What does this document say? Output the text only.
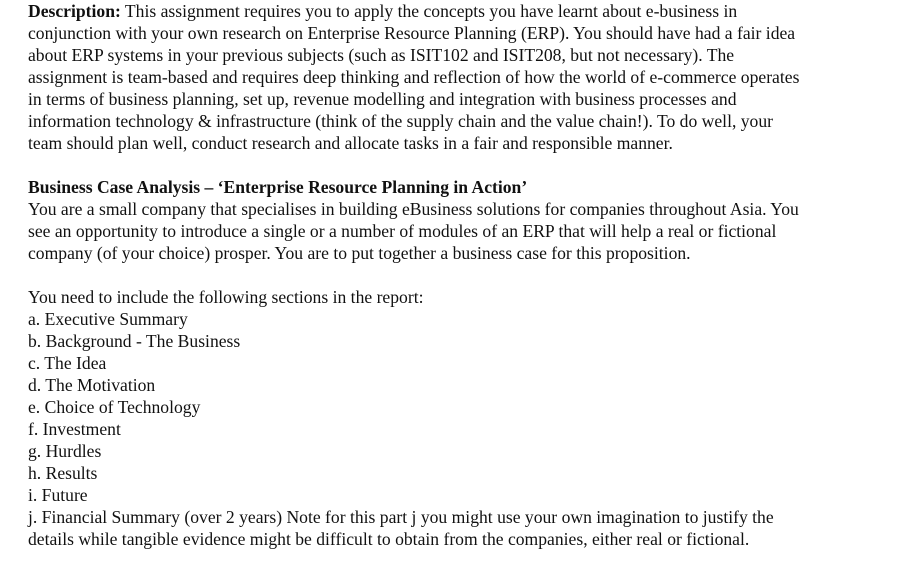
Description: This assignment requires you to apply the concepts you have learnt about e-business in
conjunction with your own research on Enterprise Resource Planning (ERP). You should have had a fair idea
about ERP systems in your previous subjects (such as ISIT102 and ISIT208, but not necessary). The
assignment is team-based and requires deep thinking and reflection of how the world of e-commerce operates
in terms of business planning, set up, revenue modelling and integration with business processes and
information technology & infrastructure (think of the supply chain and the value chain!). To do well, your
team should plan well, conduct research and allocate tasks in a fair and responsible manner.
Business Case Analysis – ‘Enterprise Resource Planning in Action’
You are a small company that specialises in building eBusiness solutions for companies throughout Asia. You
see an opportunity to introduce a single or a number of modules of an ERP that will help a real or fictional
company (of your choice) prosper. You are to put together a business case for this proposition.
You need to include the following sections in the report:
a. Executive Summary
b. Background - The Business
c. The Idea
d. The Motivation
e. Choice of Technology
f. Investment
g. Hurdles
h. Results
i. Future
j. Financial Summary (over 2 years) Note for this part j you might use your own imagination to justify the
details while tangible evidence might be difficult to obtain from the companies, either real or fictional.
